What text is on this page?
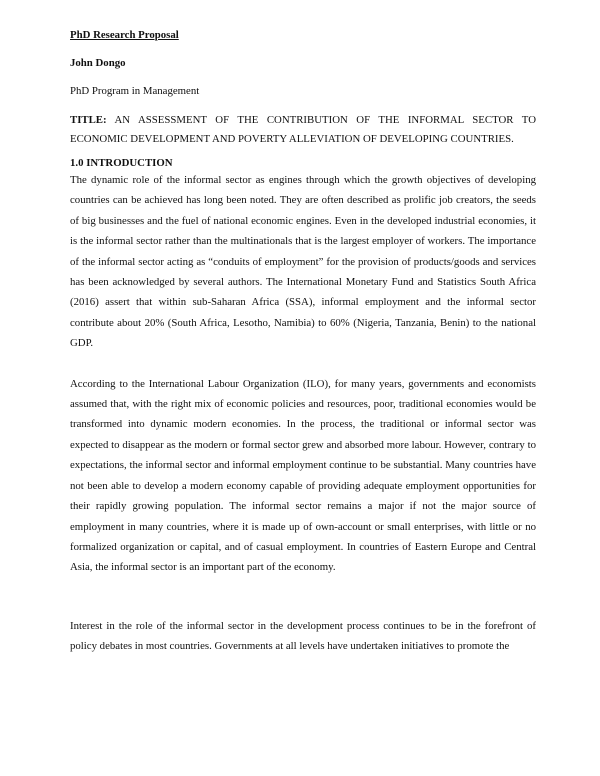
PhD Research Proposal

John Dongo

PhD Program in Management

TITLE: AN ASSESSMENT OF THE CONTRIBUTION OF THE INFORMAL SECTOR TO ECONOMIC DEVELOPMENT AND POVERTY ALLEVIATION OF DEVELOPING COUNTRIES.

1.0 INTRODUCTION

The dynamic role of the informal sector as engines through which the growth objectives of developing countries can be achieved has long been noted. They are often described as prolific job creators, the seeds of big businesses and the fuel of national economic engines. Even in the developed industrial economies, it is the informal sector rather than the multinationals that is the largest employer of workers. The importance of the informal sector acting as “conduits of employment” for the provision of products/goods and services has been acknowledged by several authors. The International Monetary Fund and Statistics South Africa (2016) assert that within sub-Saharan Africa (SSA), informal employment and the informal sector contribute about 20% (South Africa, Lesotho, Namibia) to 60% (Nigeria, Tanzania, Benin) to the national GDP.

According to the International Labour Organization (ILO), for many years, governments and economists assumed that, with the right mix of economic policies and resources, poor, traditional economies would be transformed into dynamic modern economies. In the process, the traditional or informal sector was expected to disappear as the modern or formal sector grew and absorbed more labour. However, contrary to expectations, the informal sector and informal employment continue to be substantial. Many countries have not been able to develop a modern economy capable of providing adequate employment opportunities for their rapidly growing population. The informal sector remains a major if not the major source of employment in many countries, where it is made up of own-account or small enterprises, with little or no formalized organization or capital, and of casual employment. In countries of Eastern Europe and Central Asia, the informal sector is an important part of the economy.

Interest in the role of the informal sector in the development process continues to be in the forefront of policy debates in most countries. Governments at all levels have undertaken initiatives to promote the
